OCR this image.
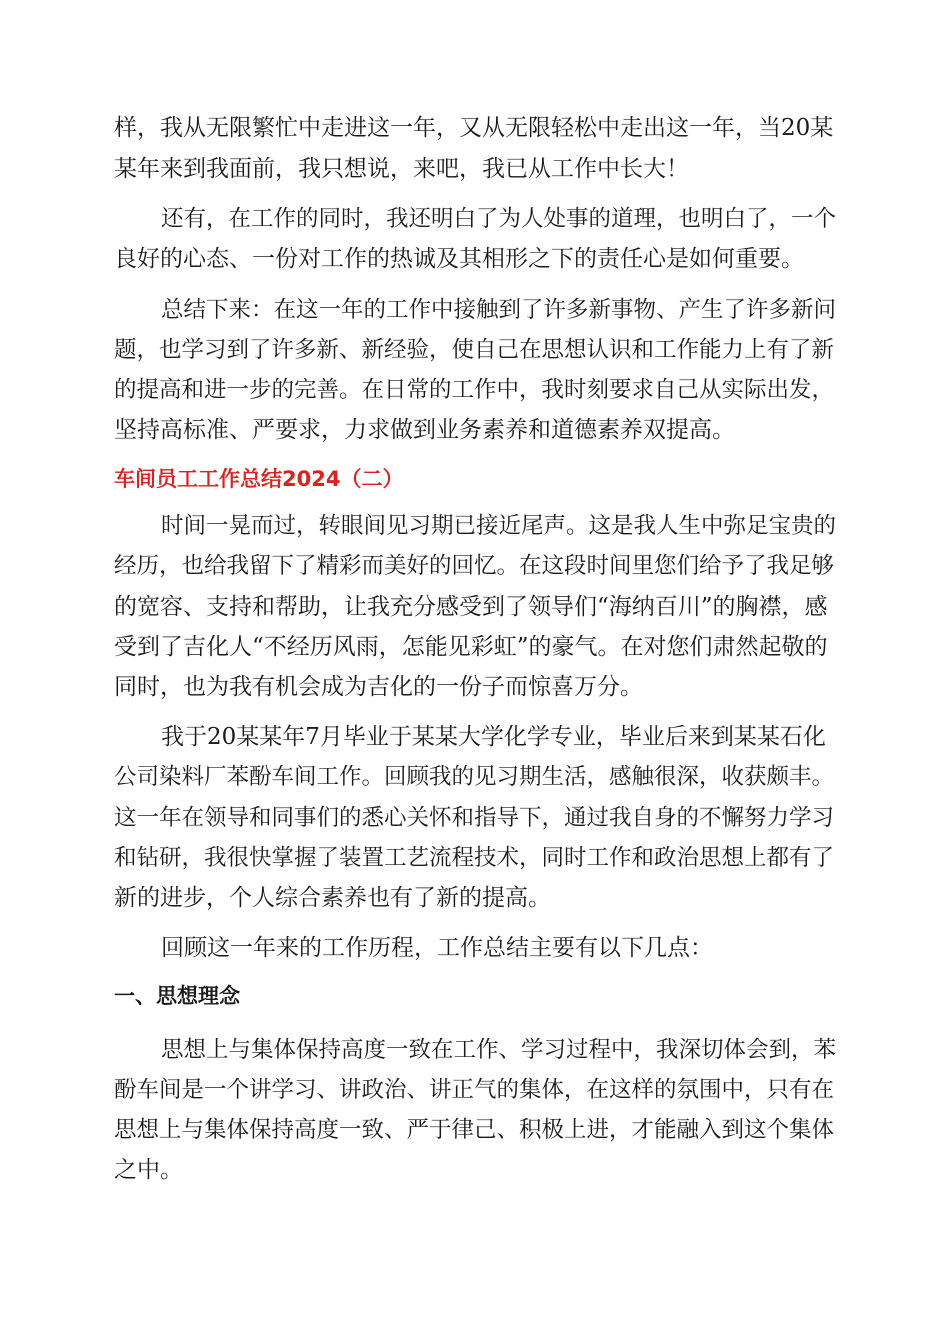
样，我从无限繁忙中走进这一年，又从无限轻松中走出这一年，当20某
某年来到我面前，我只想说，来吧，我已从工作中长大！
还有，在工作的同时，我还明白了为人处事的道理，也明白了，一个
良好的心态、一份对工作的热诚及其相形之下的责任心是如何重要。
总结下来：在这一年的工作中接触到了许多新事物、产生了许多新问
题，也学习到了许多新、新经验，使自己在思想认识和工作能力上有了新
的提高和进一步的完善。在日常的工作中，我时刻要求自己从实际出发，
坚持高标准、严要求，力求做到业务素养和道德素养双提高。
车间员工工作总结2024（二）
时间一晃而过，转眼间见习期已接近尾声。这是我人生中弥足宝贵的
经历，也给我留下了精彩而美好的回忆。在这段时间里您们给予了我足够
的宽容、支持和帮助，让我充分感受到了领导们“海纳百川”的胸襟，感
受到了吉化人“不经历风雨，怎能见彩虹”的豪气。在对您们肃然起敬的
同时，也为我有机会成为吉化的一份子而惊喜万分。
我于20某某年7月毕业于某某大学化学专业，毕业后来到某某石化
公司染料厂苯酚车间工作。回顾我的见习期生活，感触很深，收获颇丰。
这一年在领导和同事们的悉心关怀和指导下，通过我自身的不懈努力学习
和钻研，我很快掌握了装置工艺流程技术，同时工作和政治思想上都有了
新的进步，个人综合素养也有了新的提高。
回顾这一年来的工作历程，工作总结主要有以下几点：
一、思想理念
思想上与集体保持高度一致在工作、学习过程中，我深切体会到，苯
酚车间是一个讲学习、讲政治、讲正气的集体，在这样的氛围中，只有在
思想上与集体保持高度一致、严于律己、积极上进，才能融入到这个集体
之中。
